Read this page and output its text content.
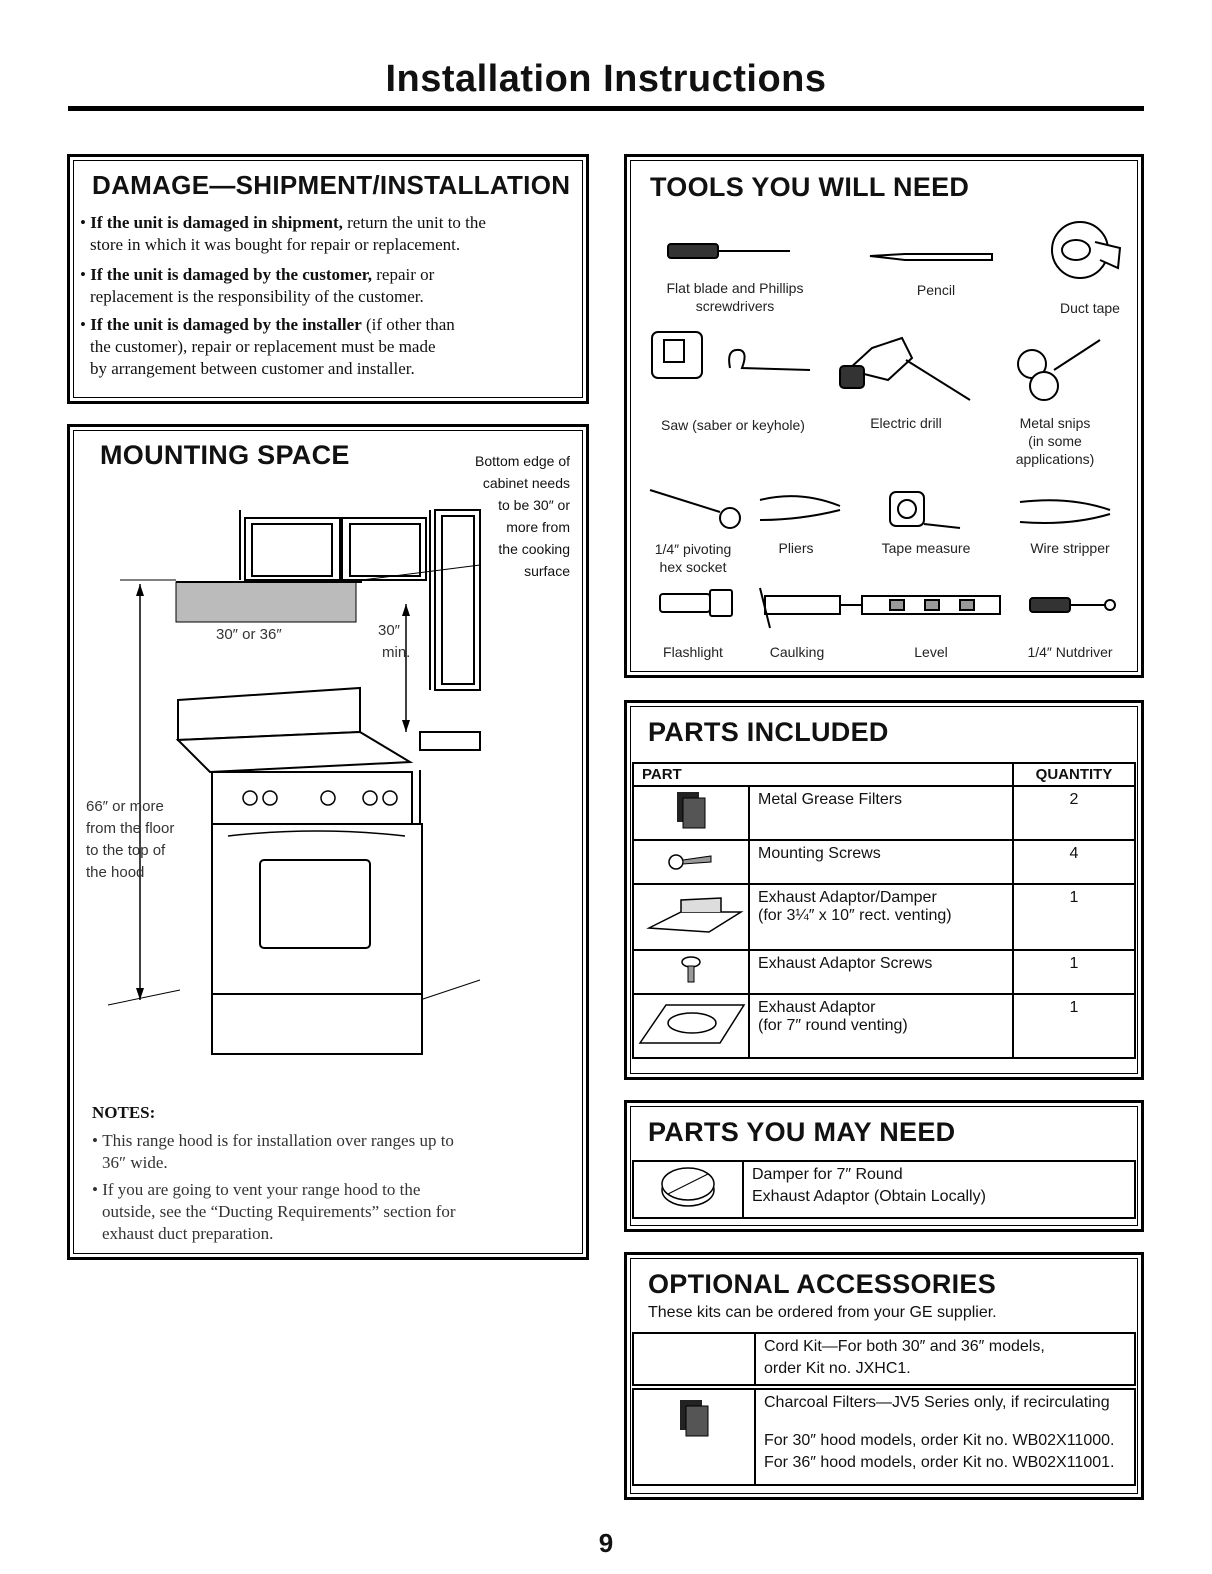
Installation Instructions
DAMAGE—SHIPMENT/INSTALLATION
• If the unit is damaged in shipment, return the unit to the
store in which it was bought for repair or replacement.
• If the unit is damaged by the customer, repair or
replacement is the responsibility of the customer.
• If the unit is damaged by the installer (if other than
the customer), repair or replacement must be made
by arrangement between customer and installer.
MOUNTING SPACE	Bottom edge of
cabinet needs
to be 30″ or
more from
the cooking
surface
30″ or 36″	30″
min.
66″ or more
from the floor
to the top of
the hood
NOTES:
• This range hood is for installation over ranges up to
36″ wide.
• If you are going to vent your range hood to the
outside, see the “Ducting Requirements” section for
exhaust duct preparation.
TOOLS YOU WILL NEED
Flat blade and Phillips
screwdrivers
Pencil
Duct tape
Saw (saber or keyhole)	Electric drill	Metal snips
(in some
applications)
1/4″ pivoting
hex socket
Pliers	Tape measure	Wire stripper
Flashlight	Caulking	Level	1/4″ Nutdriver
PARTS INCLUDED
PART		QUANTITY
	Metal Grease Filters	2
	Mounting Screws	4

Exhaust Adaptor/Damper
(for 3¼″ x 10″ rect. venting)	1
	Exhaust Adaptor Screws	1

Exhaust Adaptor
(for 7″ round venting)	1
PARTS YOU MAY NEED

Damper for 7″ Round
Exhaust Adaptor (Obtain Locally)
OPTIONAL ACCESSORIES
These kits can be ordered from your GE supplier.

Cord Kit—For both 30″ and 36″ models,
order Kit no. JXHC1.

Charcoal Filters—JV5 Series only, if recirculating
For 30″ hood models, order Kit no. WB02X11000.
For 36″ hood models, order Kit no. WB02X11001.
9
